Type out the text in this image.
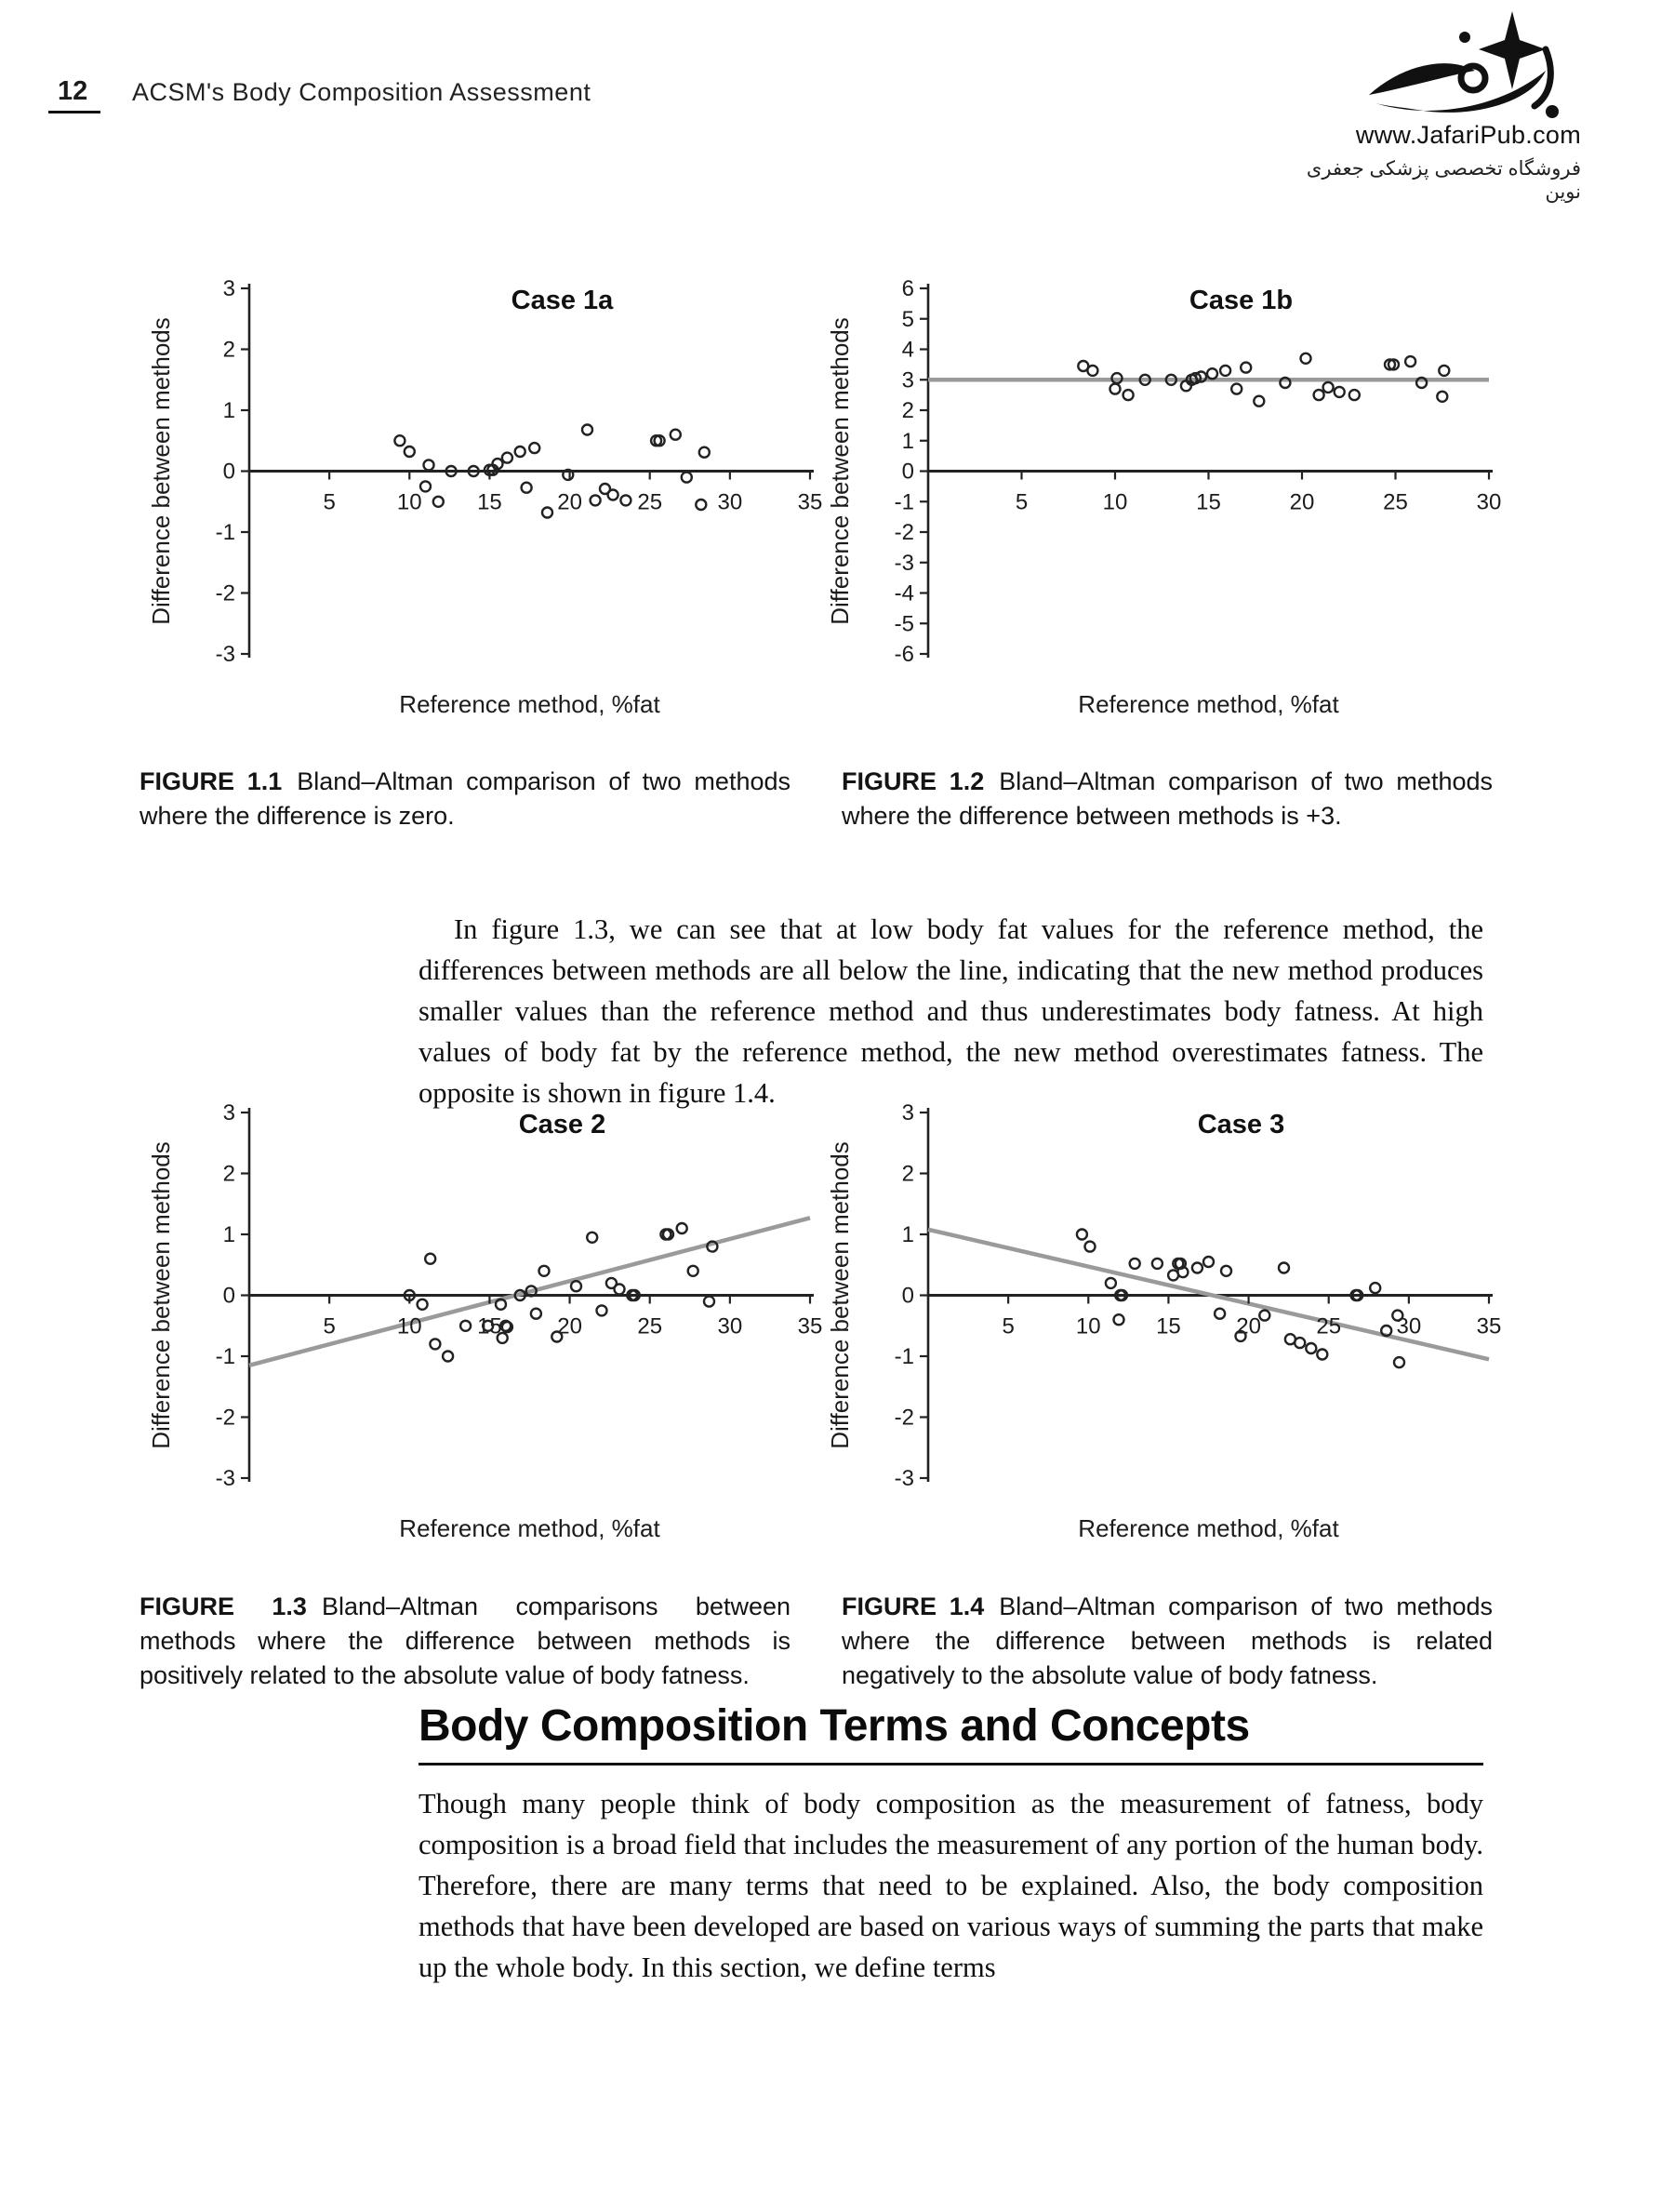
12	ACSM's Body Composition Assessment
www.JafariPub.com
فروشگاه تخصصی پزشکی جعفری نوین
-3
-2
-1
0
1
2
3
5	10 15 20 25 30 35
Case 1a
Difference between methods
Reference method, %fat
-6
-5
-4
-3
-2
-1
0
1
2
3
4
5
6
5	10	15	20	25	30
Case 1b
Difference between methods
Reference method, %fat

FIGURE 1.1 Bland–Altman comparison of two methods where the difference is zero.

FIGURE 1.2 Bland–Altman comparison of two methods where the difference between methods is +3.

In figure 1.3, we can see that at low body fat values for the reference method, the differences between methods are all below the line, indicating that the new method produces smaller values than the reference method and thus underestimates body fatness. At high values of body fat by the reference method, the new method overestimates fatness. The opposite is shown in figure 1.4.

-3
-2
-1
0
1
2
3
5	10 15 20 25 30 35
Case 2
Difference between methods
Reference method, %fat
-3
-2
-1
0
1
2
3
5	10 15 20 25 30 35
Case 3
Difference between methods
Reference method, %fat

FIGURE 1.3 Bland–Altman comparisons between methods where the difference between methods is positively related to the absolute value of body fatness.

FIGURE 1.4 Bland–Altman comparison of two methods where the difference between methods is related negatively to the absolute value of body fatness.

Body Composition Terms and Concepts

Though many people think of body composition as the measurement of fatness, body composition is a broad field that includes the measurement of any portion of the human body. Therefore, there are many terms that need to be explained. Also, the body composition methods that have been developed are based on various ways of summing the parts that make up the whole body. In this section, we define terms
